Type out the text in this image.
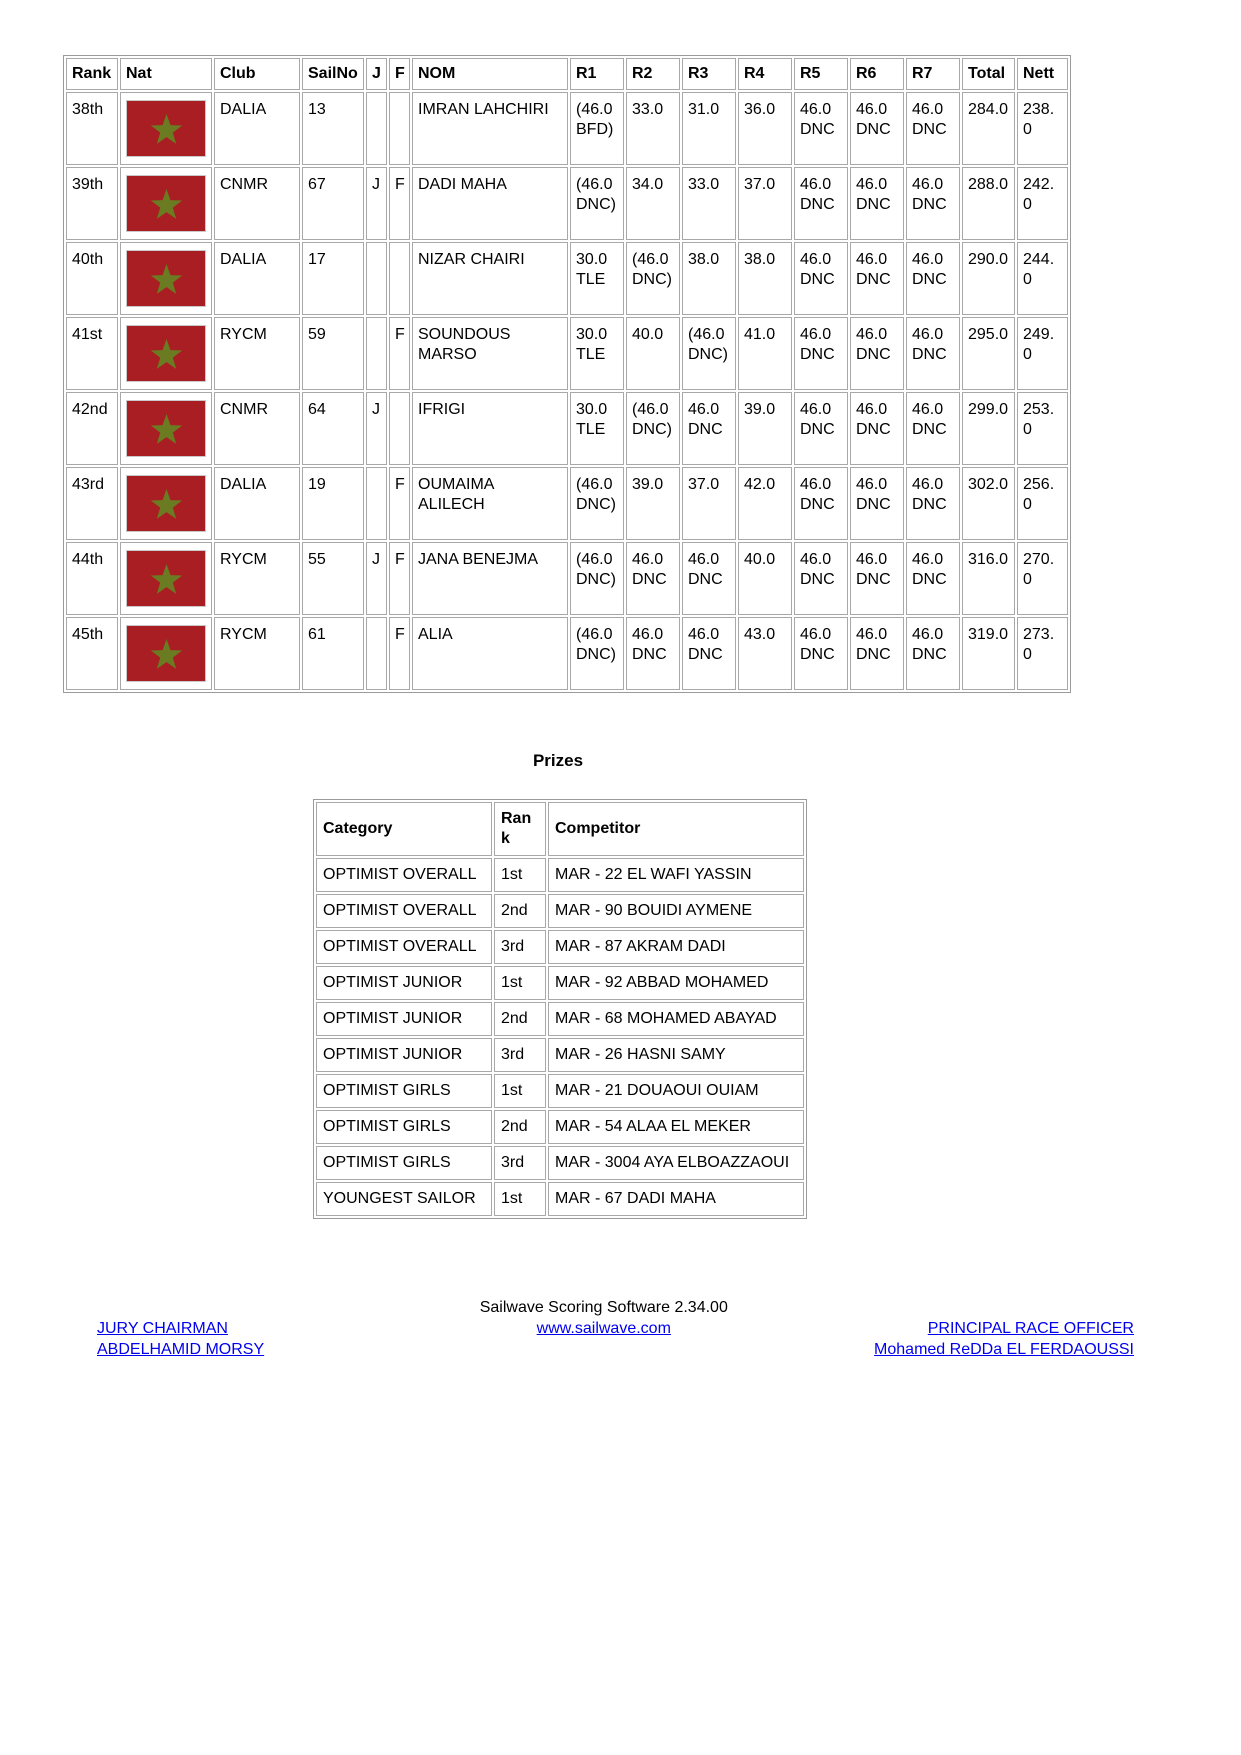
Rank	Nat	Club	SailNo	J	F	NOM	R1	R2	R3	R4	R5	R6	R7	Total	Nett
38th		DALIA	13			IMRAN LAHCHIRI	(46.0 BFD)	33.0	31.0	36.0	46.0 DNC	46.0 DNC	46.0 DNC	284.0	238.0
39th		CNMR	67	J	F	DADI MAHA	(46.0 DNC)	34.0	33.0	37.0	46.0 DNC	46.0 DNC	46.0 DNC	288.0	242.0
40th		DALIA	17			NIZAR CHAIRI	30.0 TLE	(46.0 DNC)	38.0	38.0	46.0 DNC	46.0 DNC	46.0 DNC	290.0	244.0
41st		RYCM	59		F	SOUNDOUS MARSO	30.0 TLE	40.0	(46.0 DNC)	41.0	46.0 DNC	46.0 DNC	46.0 DNC	295.0	249.0
42nd		CNMR	64	J		IFRIGI	30.0 TLE	(46.0 DNC)	46.0 DNC	39.0	46.0 DNC	46.0 DNC	46.0 DNC	299.0	253.0
43rd		DALIA	19		F	OUMAIMA ALILECH	(46.0 DNC)	39.0	37.0	42.0	46.0 DNC	46.0 DNC	46.0 DNC	302.0	256.0
44th		RYCM	55	J	F	JANA BENEJMA	(46.0 DNC)	46.0 DNC	46.0 DNC	40.0	46.0 DNC	46.0 DNC	46.0 DNC	316.0	270.0
45th		RYCM	61		F	ALIA	(46.0 DNC)	46.0 DNC	46.0 DNC	43.0	46.0 DNC	46.0 DNC	46.0 DNC	319.0	273.0
Prizes
Category	Rank	Competitor
OPTIMIST OVERALL	1st	MAR - 22 EL WAFI YASSIN
OPTIMIST OVERALL	2nd	MAR - 90 BOUIDI AYMENE
OPTIMIST OVERALL	3rd	MAR - 87 AKRAM DADI
OPTIMIST JUNIOR	1st	MAR - 92 ABBAD MOHAMED
OPTIMIST JUNIOR	2nd	MAR - 68 MOHAMED ABAYAD
OPTIMIST JUNIOR	3rd	MAR - 26 HASNI SAMY
OPTIMIST GIRLS	1st	MAR - 21 DOUAOUI OUIAM
OPTIMIST GIRLS	2nd	MAR - 54 ALAA EL MEKER
OPTIMIST GIRLS	3rd	MAR - 3004 AYA ELBOAZZAOUI
YOUNGEST SAILOR	1st	MAR - 67 DADI MAHA
JURY CHAIRMAN
ABDELHAMID MORSY
Sailwave Scoring Software 2.34.00
www.sailwave.com	PRINCIPAL RACE OFFICER
Mohamed ReDDa EL FERDAOUSSI
